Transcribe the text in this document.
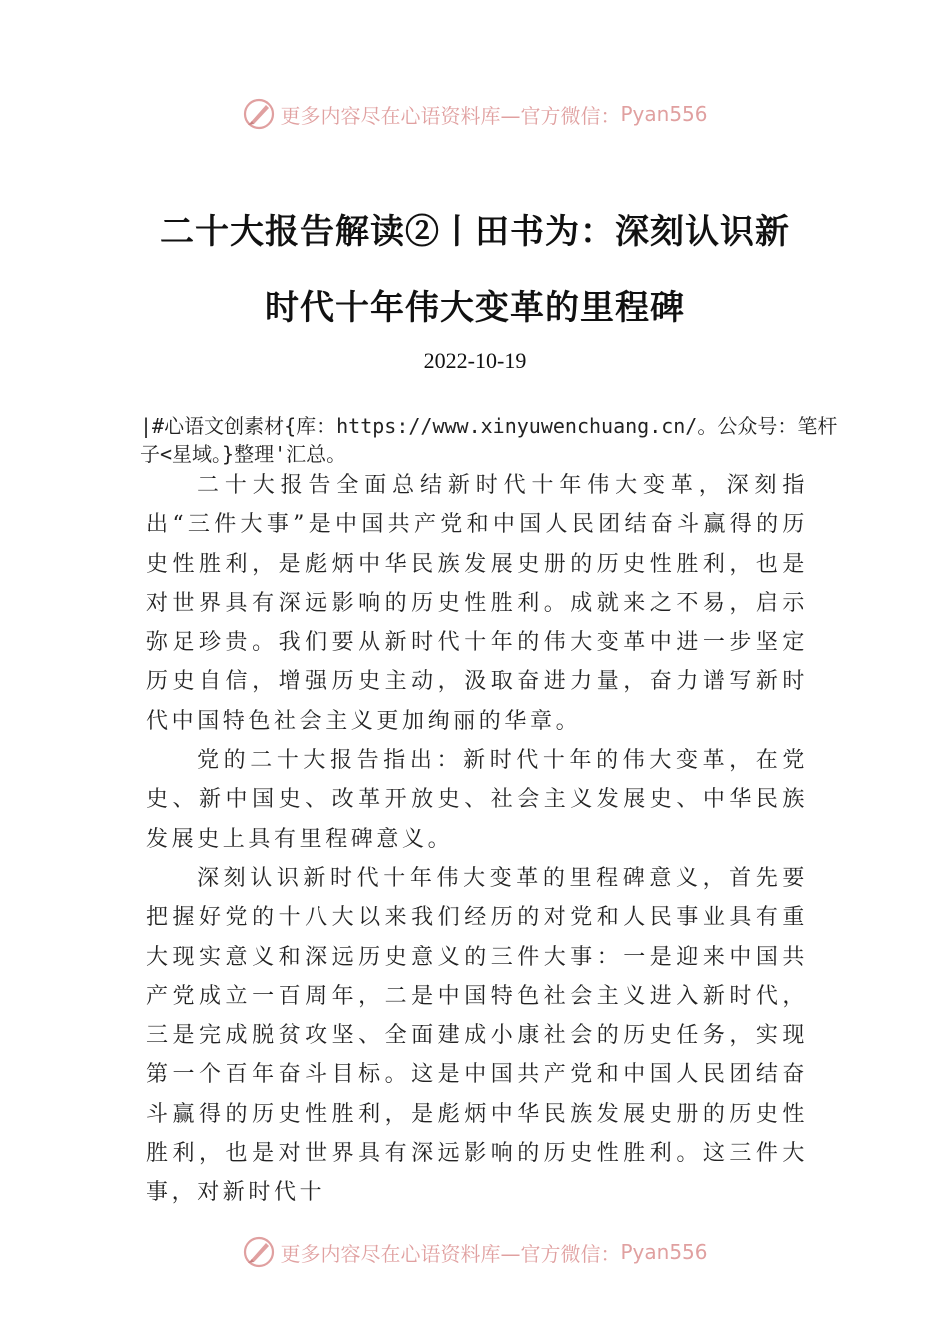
更多内容尽在心语资料库 —官方微信： Pyan556
二十大报告解读②丨田书为：深刻认识新
时代十年伟大变革的里程碑
2022-10-19
|#心语文创素材{库：https://www.xinyuwenchuang.cn/。公众号：笔杆子<星域。}整理'汇总。

二十大报告全面总结新时代十年伟大变革，深刻指出“三件大事”是中国共产党和中国人民团结奋斗赢得的历史性胜利，是彪炳中华民族发展史册的历史性胜利，也是对世界具有深远影响的历史性胜利。成就来之不易，启示弥足珍贵。我们要从新时代十年的伟大变革中进一步坚定历史自信，增强历史主动，汲取奋进力量，奋力谱写新时代中国特色社会主义更加绚丽的华章。

党的二十大报告指出：新时代十年的伟大变革，在党史、新中国史、改革开放史、社会主义发展史、中华民族发展史上具有里程碑意义。

深刻认识新时代十年伟大变革的里程碑意义，首先要把握好党的十八大以来我们经历的对党和人民事业具有重大现实意义和深远历史意义的三件大事：一是迎来中国共产党成立一百周年，二是中国特色社会主义进入新时代，三是完成脱贫攻坚、全面建成小康社会的历史任务，实现第一个百年奋斗目标。这是中国共产党和中国人民团结奋斗赢得的历史性胜利，是彪炳中华民族发展史册的历史性胜利，也是对世界具有深远影响的历史性胜利。这三件大事，对新时代十

更多内容尽在心语资料库 —官方微信： Pyan556
